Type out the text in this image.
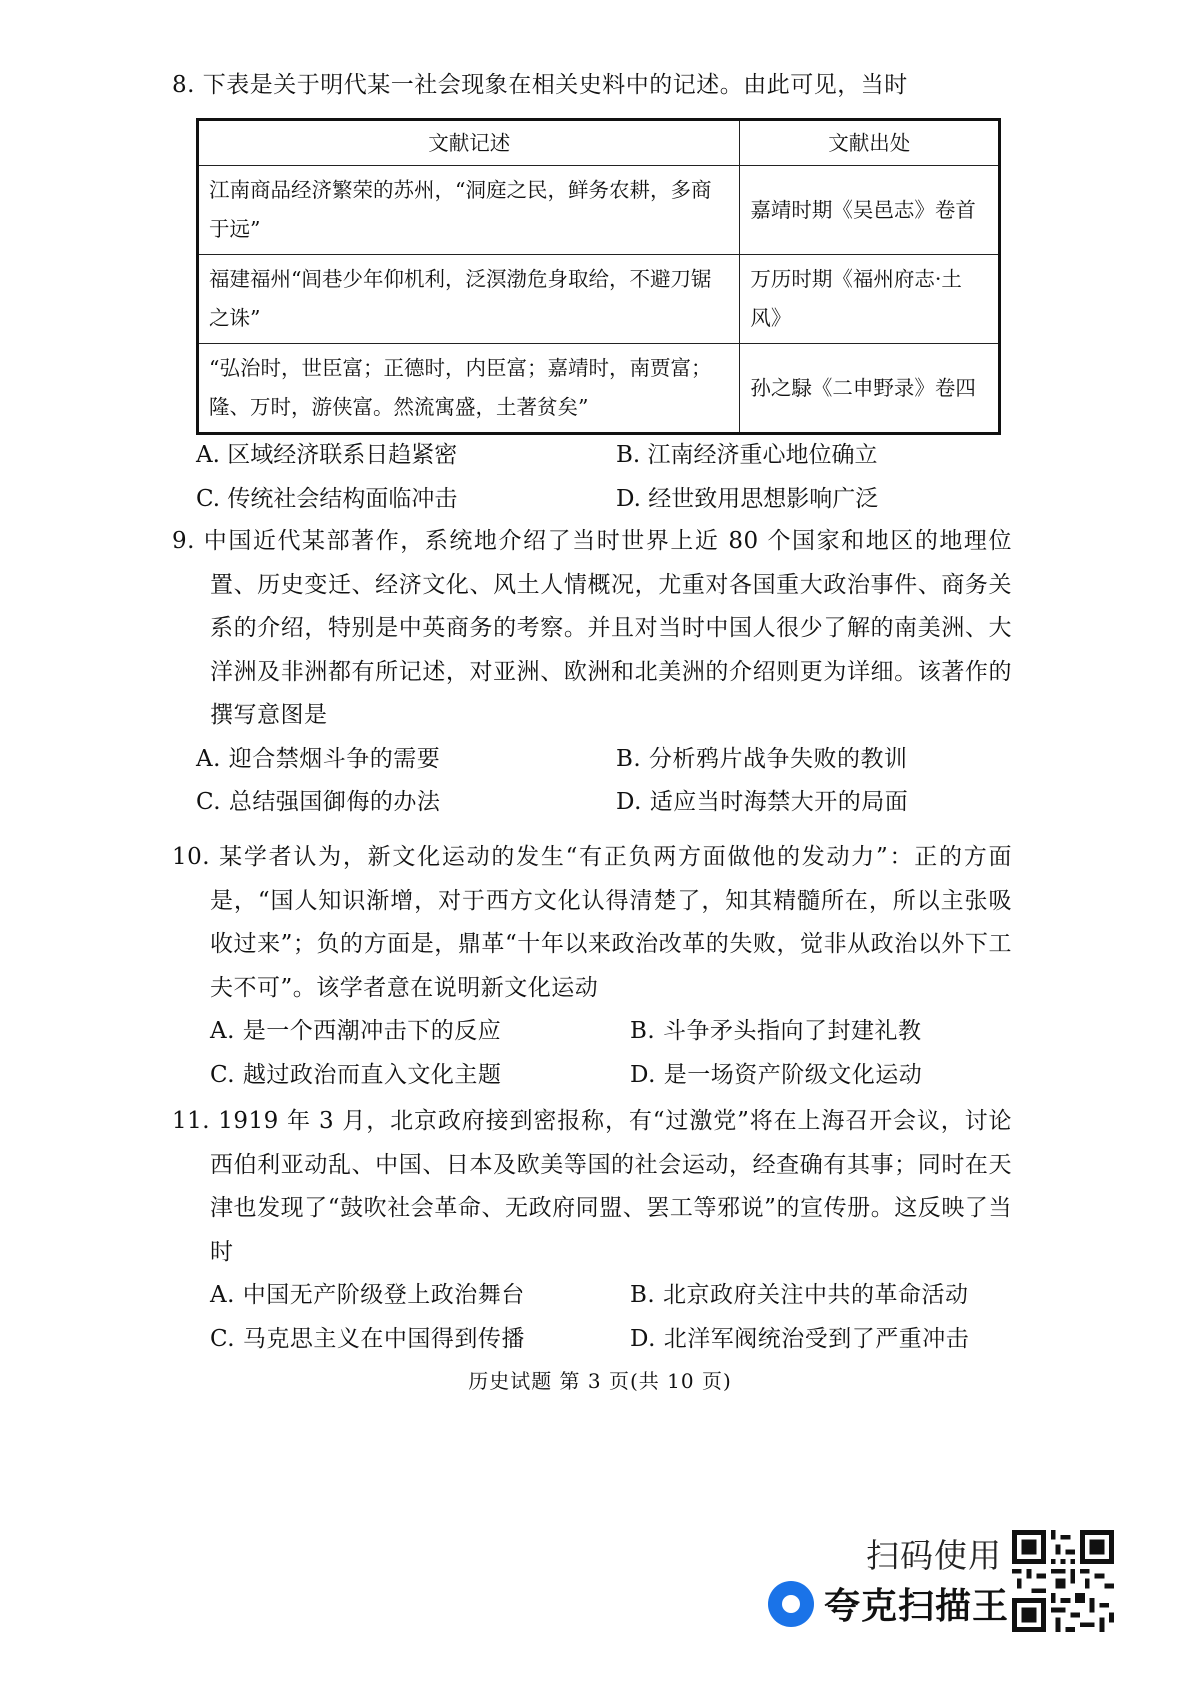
8. 下表是关于明代某一社会现象在相关史料中的记述。由此可见，当时
文献记述	文献出处
江南商品经济繁荣的苏州，“洞庭之民，鲜务农耕，多商于远”	嘉靖时期《吴邑志》卷首
福建福州“闾巷少年仰机利，泛溟渤危身取给，不避刀锯之诛”	万历时期《福州府志·土风》
“弘治时，世臣富；正德时，内臣富；嘉靖时，南贾富；隆、万时，游侠富。然流寓盛，土著贫矣”	孙之騄《二申野录》卷四
A. 区域经济联系日趋紧密	B. 江南经济重心地位确立
C. 传统社会结构面临冲击	D. 经世致用思想影响广泛
9. 中国近代某部著作，系统地介绍了当时世界上近 80 个国家和地区的地理位置、历史变迁、经济文化、风土人情概况，尤重对各国重大政治事件、商务关系的介绍，特别是中英商务的考察。并且对当时中国人很少了解的南美洲、大洋洲及非洲都有所记述，对亚洲、欧洲和北美洲的介绍则更为详细。该著作的撰写意图是
A. 迎合禁烟斗争的需要	B. 分析鸦片战争失败的教训
C. 总结强国御侮的办法	D. 适应当时海禁大开的局面
10. 某学者认为，新文化运动的发生“有正负两方面做他的发动力”：正的方面是，“国人知识渐增，对于西方文化认得清楚了，知其精髓所在，所以主张吸收过来”；负的方面是，鼎革“十年以来政治改革的失败，觉非从政治以外下工夫不可”。该学者意在说明新文化运动
A. 是一个西潮冲击下的反应	B. 斗争矛头指向了封建礼教
C. 越过政治而直入文化主题	D. 是一场资产阶级文化运动
11. 1919 年 3 月，北京政府接到密报称，有“过激党”将在上海召开会议，讨论西伯利亚动乱、中国、日本及欧美等国的社会运动，经查确有其事；同时在天津也发现了“鼓吹社会革命、无政府同盟、罢工等邪说”的宣传册。这反映了当时
A. 中国无产阶级登上政治舞台	B. 北京政府关注中共的革命活动
C. 马克思主义在中国得到传播	D. 北洋军阀统治受到了严重冲击
历史试题 第 3 页(共 10 页)
扫码使用
夸克扫描王
